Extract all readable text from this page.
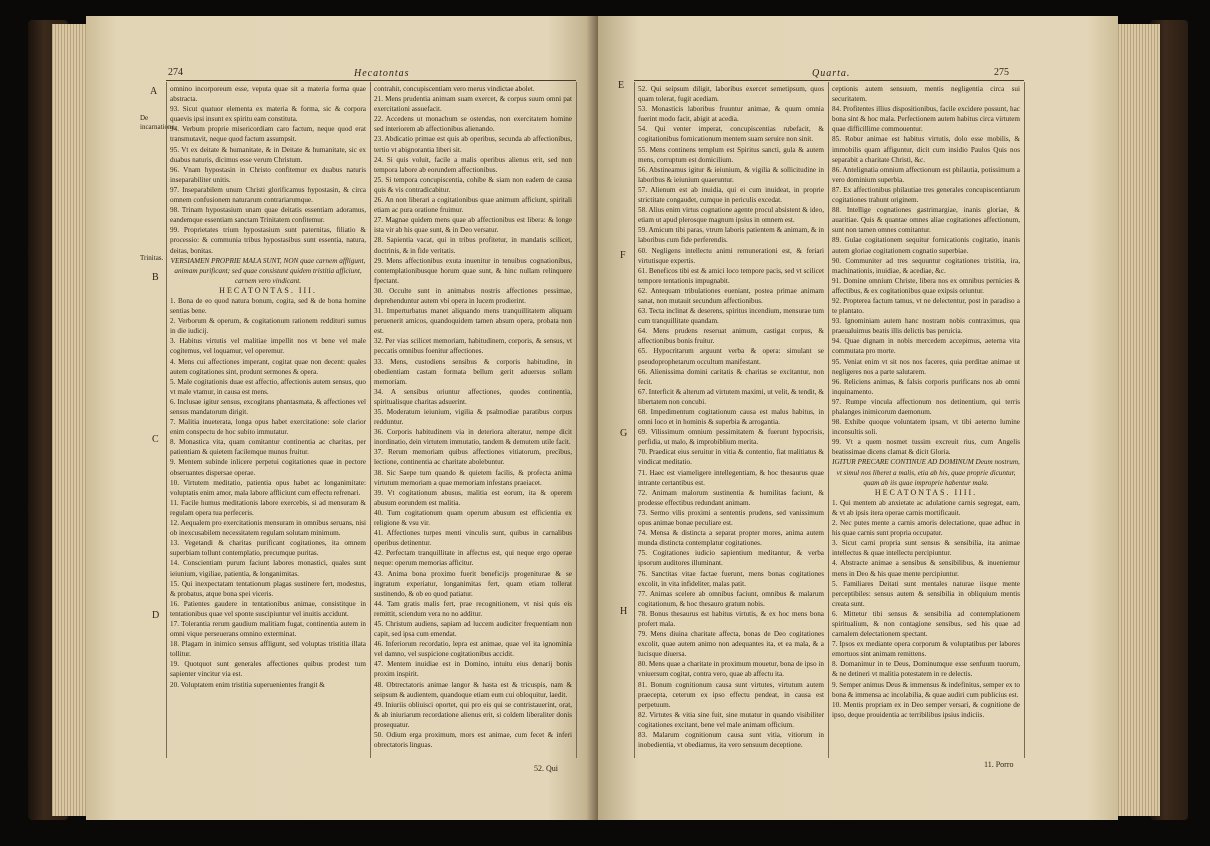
274	Hecatontas
A
De incarnatione.
Trinitas.
B
C
D

omnino incorporeum esse, veputa quae sit a materia forma quae abstracta.

93. Sicut quatuor elementa ex materia & forma, sic & corpora quaevis ipsi insunt ex spiritu eam constituta.

94. Verbum proprie misericordiam caro factum, neque quod erat transmutavit, neque quod factum assumpsit.

95. Vt ex deitate & humanitate, & in Deitate & humanitate, sic ex duabus naturis, dicimus esse verum Christum.

96. Vnam hypostasin in Christo confitemur ex duabus naturis inseparabiliter unitis.

97. Inseparabilem unum Christi glorificamus hypostasin, & circa omnem confusionem naturarum contrariarumque.

98. Trinam hypostasium unam quae deitatis essentiam adoramus, eandemque essentiam sanctam Trinitatem confitemur.

99. Proprietates trium hypostasium sunt paternitas, filiatio & processio: & communia tribus hypostasibus sunt essentia, natura, deitas, bonitas.

VERSIAMEN PROPRIE MALA SUNT, NON quae carnem affligunt, animam purificant; sed quae consistunt quidem tristitia afficiunt, carnem vero vindicant.

HECATONTAS. III.

1. Bona de eo quod natura bonum, cogita, sed & de bona homine sentias bene.

2. Verborum & operum, & cogitationum rationem reddituri sumus in die iudicij.

3. Habitus virtutis vel malitiae impellit nos vt bene vel male cogitemus, vel loquamur, vel operemur.

4. Mens cui affectiones imperant, cogitat quae non decent: quales autem cogitationes sint, produnt sermones & opera.

5. Male cogitationis duae est affectio, affectionis autem sensus, quo vt male vtamur, in causa est mens.

6. Inclusae igitur sensus, excogitans phantasmata, & affectiones vel sensus mandatorum dirigit.

7. Malitia inueterata, longa opus habet exercitatione: sole clarior enim conspectu de hoc subito immutatur.

8. Monastica vita, quam comitantur continentia ac charitas, per patientiam & quietem facilemque munus fruitur.

9. Mentem subinde inlicere perpetui cogitationes quae in pectore obseruantes dispersae operae.

10. Virtutem meditatio, patientia opus habet ac longanimitate: voluptatis enim amor, mala labore affliciunt cum effectu refrenari.

11. Facile humus meditationis labore exercebis, si ad mensuram & regulam opera tua perfeceris.

12. Aequalem pro exercitationis mensuram in omnibus seruans, nisi ob inexcusabilem necessitatem regulam solutam minimum.

13. Vegetandi & charitas purificant cogitationes, ita omnem superbiam tollunt contemplatio, precumque puritas.

14. Conscientiam purum faciunt labores monastici, quales sunt ieiunium, vigiliae, patientia, & longanimitas.

15. Qui inexpectatam tentationum plagas sustinere fert, modestus, & probatus, atque bona spei viceris.

16. Patientes gaudere in tentationibus animae, consistitque in tentationibus quae vel sponte suscipiuntur vel inuitis accidunt.

17. Tolerantia rerum gaudium malitiam fugat, continentia autem in omni vique perseuerans omnino exterminat.

18. Plagam in inimico sensus affligunt, sed voluptas tristitia illata tollitur.

19. Quotquot sunt generales affectiones quibus prodest tum sapienter vincitur via est.

20. Voluptatem enim tristitia superuenientes frangit &

contrahit, concupiscentiam vero merus vindictae abolet.

21. Mens prudentia animam suam exercet, & corpus suum omni pat exercitationi assuefacit.

22. Accedens ut monachum se ostendas, non exercitatem homine sed interiorem ab affectionibus alienando.

23. Abdicatio primae est quis ab operibus, secunda ab affectionibus, tertio vt abignorantia liberi sit.

24. Si quis voluit, facile a malis operibus alienus erit, sed non tempora labore ab eorundem affectionibus.

25. Si tempora concupiscentia, cohibe & siam non eadem de causa quis & vis contradicabitur.

26. An non liberari a cogitationibus quae animum afficiunt, spiritali etiam ac pura oratione fruimur.

27. Magnae quidem mens quae ab affectionibus est libera: & longe ista vir ab his quae sunt, & in Deo versatur.

28. Sapientia vacat, qui in tribus profitetur, in mandatis scilicet, doctrinis, & in fide veritatis.

29. Mens affectionibus exuta inuenitur in tenuibus cognationibus, contemplationibusque horum quae sunt, & hinc nullam relinquere fpectant.

30. Occulte sunt in animabus nostris affectiones pessimae, deprehenduntur autem vbi opera in lucem prodierint.

31. Imperturbatus manet aliquando mens tranquillitatem aliquam peruenerit amicos, quandoquidem tamen absum opera, probata non est.

32. Per vias scilicet memoriam, habitudinem, corporis, & sensus, vt peccatis omnibus foenitur affectiones.

33. Mens, custodiens sensibus & corporis habitudine, in obedientiam castam formata bellum gerit aduersus sollam memoriam.

34. A sensibus oriuntur affectiones, quodes continentia, spiritualisque charitas adsuerint.

35. Moderatum ieiunium, vigilia & psalmodiae paratibus corpus redduntur.

36. Corporis habitudinem via in deteriora alteratur, nempe dicit inordinatio, dein virtutem immutatio, tandem & demutem utile facit.

37. Rerum memoriam quibus affectiones vitiatorum, precibus, lectione, continentia ac charitate abolebuntur.

38. Sic Saepe tum quando & quietem facilis, & profecta anima virtutum memoriam a quae memoriam infestans praeiacet.

39. Vt cogitationum abusus, malitia est eorum, ita & operem abusum eorundem est malitia.

40. Tum cogitationum quam operum abusum est efficientia ex religione & vsu vir.

41. Affectiones turpes menti vinculis sunt, quibus in carnalibus operibus detinentur.

42. Perfectam tranquillitate in affectus est, qui neque ergo operae neque: operum memorias afficitur.

43. Anima bona proximo fuerit beneficijs progeniturae & se ingratum experiatur, longanimitas fert, quam etiam tollerat sustinendo, & ob eo quod patiatur.

44. Tam gratis malis fert, prae recognitionem, vt nisi quis eis remittit, sciendum vera no no additur.

45. Christum audiens, sapiam ad luccem audiciter frequentiam non capit, sed ipsa cum emendat.

46. Inferiorum recordatio, lepra est animae, quae vel ita ignominia vel damno, vel suspicione cogitationibus accidit.

47. Mentem inuidiae est in Domino, intuitu eius denarij bonis proxim inspirit.

48. Obtrectatoris animae langor & hasta est & tricuspis, nam & seipsum & audientem, quandoque etiam eum cui obloquitur, laedit.

49. Iniuriis obliuisci oportet, qui pro eis qui se contristauerint, orat, & ab iniuriarum recordatione alienus erit, si coldem liberaliter donis prosequatur.

50. Odium erga proximum, mors est animae, cum fecet & inferi obrectatoris linguas.

52. Qui
Quarta.	275
E
F
G
H

52. Qui seipsum diligit, laboribus exercet semetipsum, quos quam tolerat, fugit acediam.

53. Monasticis laboribus fruuntur animae, & quum omnia fuerint modo facit, abigit at acedia.

54. Qui venter imperat, concupiscentias rubefacit, & cogitationibus fornicationum mentem suam seruire non sinit.

55. Mens continens templum est Spiritus sancti, gula & autem mens, corruptum est domicilium.

56. Abstineamus igitur & ieiunium, & vigilia & sollicitudine in laboribus & ieiunium quaeruntur.

57. Alienum est ab inuidia, qui ei cum inuideat, in proprie strictitate congaudet, cumque in periculis excedat.

58. Alius enim virtus cognatione agente procul absistent & ideo, etiam ut apud plerosque magnum ipsius in omnem est.

59. Amicum tibi paras, vtrum laboris patientem & animam, & in laboribus cum fide perferendis.

60. Negligens intellectu animi remunerationi est, & feriari virtutisque expertis.

61. Beneficos tibi est & amici loco tempore pacis, sed vt scilicet tempore tentationis impugnabit.

62. Antequam tribulationes eueniant, postea primae animam sanat, non mutauit secundum affectionibus.

63. Tecta inclinat & deserens, spiritus incendium, mensurae tum cum tranquillitate quandam.

64. Mens prudens reseruat animum, castigat corpus, & affectionibus bonis fruitur.

65. Hypocritarum arguunt verba & opera: simulant se pseudoprophetarum occultum manifestant.

66. Alienissima domini caritatis & charitas se excitantur, non fecit.

67. Interficit & alterum ad virtutem maximi, ut velit, & tendit, & libertatem non concubi.

68. Impedimentum cogitationum causa est malus habitus, in omni loco et in hominis & superbia & arrogantia.

69. Vilissimum omnium pessimitatem & fuerunt hypocrisis, perfidia, ut malo, & improbiblium merita.

70. Praedicat eius seruitur in vitia & contentio, fiat malitiatus & vindicat meditatio.

71. Haec est viameligere intellegentiam, & hoc thesaurus quae intrante certantibus est.

72. Animam malorum sustinentia & humilitas faciunt, & prodesse effectibus redundant animam.

73. Sermo vilis proximi a sententis prudens, sed vanissimum opus animae bonae peculiare est.

74. Mensa & distincta a separat propter mores, anima autem munda distincta contemplatur cogitationes.

75. Cogitationes iudicio sapientium meditantur, & verba ipsorum auditores illuminant.

76. Sanctitas vitae factae fuerunt, mens bonas cogitationes excolit, in vita infideliter, malas patit.

77. Animas scelere ab omnibus faciunt, omnibus & malarum cogitationum, & hoc thesauro gratum nobis.

78. Bonus thesaurus est habitus virtutis, & ex hoc mens bona profert mala.

79. Mens diuina charitate affecta, bonas de Deo cogitationes excolit, quae autem animo non adequantes ita, et ea mala, & a lucisque diuersa.

80. Mens quae a charitate in proximum mouetur, bona de ipso in vniuersum cogitat, contra vero, quae ab affectu ita.

81. Bonum cognitionum causa sunt virtutes, virtutum autem praecepta, ceterum ex ipso effectu pendeat, in causa est perpetuum.

82. Virtutes & vitia sine fuit, sine mutatur in quando visibiliter cogitationes excitant, bene vel male animam officium.

83. Malarum cognitionum causa sunt vitia, vitiorum in inobedientia, vt obediamus, ita vero sensuum deceptione.

ceptionis autem sensuum, mentis negligentia circa sui securitatem.

84. Profitentes illius dispositionibus, facile excidere possunt, hac bona sint & hoc mala. Perfectionem autem habitus circa virtutem quae difficillime commouentur.

85. Robur animae est habitus virtutis, dolo esse mobilis, & immobilis quam affiguntur, dicit cum insidio Paulos Quis nos separabit a charitate Christi, &c.

86. Antelignatia omnium affectionum est philautia, potissimum a vero dominium superbia.

87. Ex affectionibus philautiae tres generales concupiscentiarum cogitationes trahunt originem.

88. Intellige cognationes gastrimargiae, inanis gloriae, & auaritiae. Quis & quantae omnes aliae cogitationes affectionum, sunt non tamen omnes comitantur.

89. Gulae cogitationem sequitur fornicationis cogitatio, inanis autem gloriae cogitationem cognatio superbiae.

90. Communiter ad tres sequuntur cogitationes tristitia, ira, machinationis, inuidiae, & acediae, &c.

91. Domine omnium Christe, libera nos ex omnibus pernicies & affectibus, & ex cogitationibus quae exipsis oriuntur.

92. Propterea factum tamus, vt ne delectentur, post in paradiso a te plantato.

93. Ignominiam autem hanc nostram nobis contraximus, qua praeualuimus beatis illis delictis bas peruicia.

94. Quae dignam in nobis mercedem accepimus, aeterna vita commutata pro morte.

95. Veniat enim vt sit nos nos faceres, quia perditae animae ut negligeres nos a parte salutarem.

96. Reliciens animas, & falsis corporis purificans nos ab omni inquinamento.

97. Rumpe vincula affectionum nos detinentium, qui terris phalanges inimicorum daemonum.

98. Exhibe quoque voluntatem ipsam, vt tibi aeterno lumine inconsultis soli.

99. Vt a quem nosmet tussim excreuit rius, cum Angelis beatissimae dicens clamat & dicit Gloria.

IGITUR PRECARE CONTINUE AD DOMINUM Deum nostrum, vt simul nos liberet a malis, etia ab his, quae proprie dicuntur, quam ab iis quae improprie habentur mala.

HECATONTAS. IIII.

1. Qui mentem ab anxietate ac adulatione carnis segregat, eam, & vt ab ipsis itera operae carnis mortificauit.

2. Nec putes mente a carnis amoris delectatione, quae adhuc in his quae carnis sunt propria occupatur.

3. Sicut carni propria sunt sensus & sensibilia, ita animae intellectus & quae intellectu percipiuntur.

4. Abstracte animae a sensibus & sensibilibus, & inueniemur mens in Deo & his quae mente percipiuntur.

5. Familiares Deitati sunt mentales naturae iisque mente perceptibiles: sensus autem & sensibilia in obliquium mentis creata sunt.

6. Mittetur tibi sensus & sensibilia ad contemplationem spiritualium, & non contagione sensibus, sed his quae ad carnalem delectationem spectant.

7. Ipsos ex mediante opera corporum & voluptatibus per labores emortuos sint animam remittens.

8. Domanimur in te Deus, Dominumque esse senfuum tuorum, & ne detineri vt malitia potestatem in re delectis.

9. Semper animus Deus & immensus & indefinitus, semper ex to bona & immensa ac incolabilia, & quae audiri cum publicius est.

10. Mentis propriam ex in Deo semper versari, & cognitione de ipso, deque prouidentia ac terribilibus ipsius indiciis.

11. Porro
